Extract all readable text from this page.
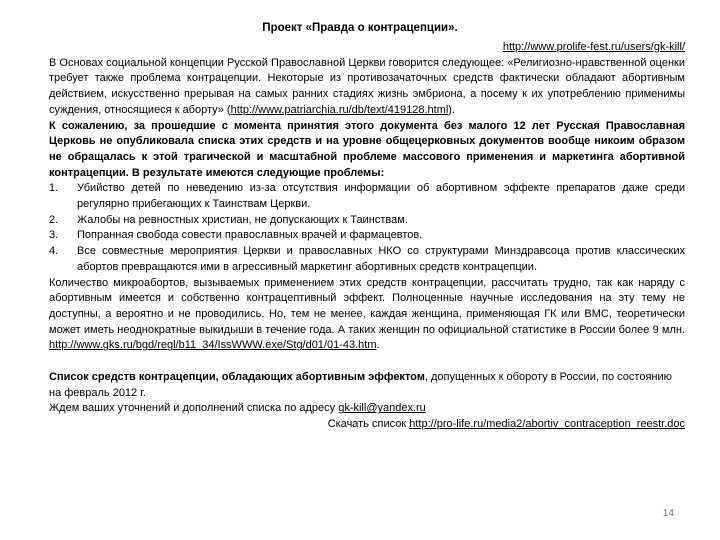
Проект «Правда о контрацепции».
http://www.prolife-fest.ru/users/gk-kill/
В Основах социальной концепции Русской Православной Церкви говорится следующее: «Религиозно-нравственной оценки требует также проблема контрацепции. Некоторые из противозачаточных средств фактически обладают абортивным действием, искусственно прерывая на самых ранних стадиях жизнь эмбриона, а посему к их употреблению применимы суждения, относящиеся к аборту» (http://www.patriarchia.ru/db/text/419128.html).
К сожалению, за прошедшие с момента принятия этого документа без малого 12 лет Русская Православная Церковь не опубликовала списка этих средств и на уровне общецерковных документов вообще никоим образом не обращалась к этой трагической и масштабной проблеме массового применения и маркетинга абортивной контрацепции. В результате имеются следующие проблемы:
1. Убийство детей по неведению из-за отсутствия информации об абортивном эффекте препаратов даже среди регулярно прибегающих к Таинствам Церкви.
2. Жалобы на ревностных христиан, не допускающих к Таинствам.
3. Попранная свобода совести православных врачей и фармацевтов.
4. Все совместные мероприятия Церкви и православных НКО со структурами Минздравсоца против классических абортов превращаются ими в агрессивный маркетинг абортивных средств контрацепции.
Количество микроабортов, вызываемых применением этих средств контрацепции, рассчитать трудно, так как наряду с абортивным имеется и собственно контрацептивный эффект. Полноценные научные исследования на эту тему не доступны, а вероятно и не проводились. Но, тем не менее, каждая женщина, применяющая ГК или ВМС, теоретически может иметь неоднократные выкидыши в течение года. А таких женщин по официальной статистике в России более 9 млн. http://www.gks.ru/bgd/regl/b11_34/IssWWW.exe/Stg/d01/01-43.htm.
Список средств контрацепции, обладающих абортивным эффектом, допущенных к обороту в России, по состоянию на февраль 2012 г.
Ждем ваших уточнений и дополнений списка по адресу gk-kill@yandex.ru
Скачать список http://pro-life.ru/media2/abortiv_contraception_reestr.doc
14
